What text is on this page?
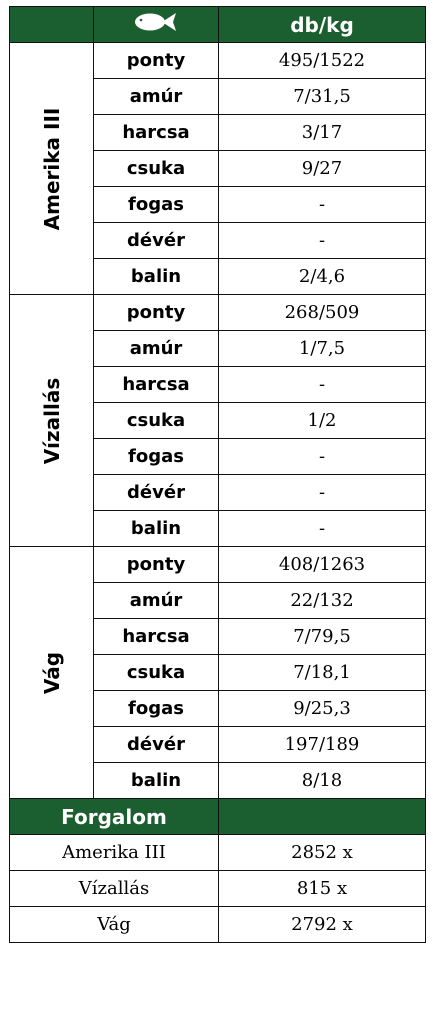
		db/kg

Amerika III	ponty	495/1522
	amúr	7/31,5
	harcsa	3/17
	csuka	9/27
	fogas	-
	dévér	-
	balin	2/4,6

Vízallás	ponty	268/509
	amúr	1/7,5
	harcsa	-
	csuka	1/2
	fogas	-
	dévér	-
	balin	-

Vág	ponty	408/1263
	amúr	22/132
	harcsa	7/79,5
	csuka	7/18,1
	fogas	9/25,3
	dévér	197/189
	balin	8/18
Forgalom		
Amerika III		2852 x
Vízallás		815 x
Vág		2792 x
